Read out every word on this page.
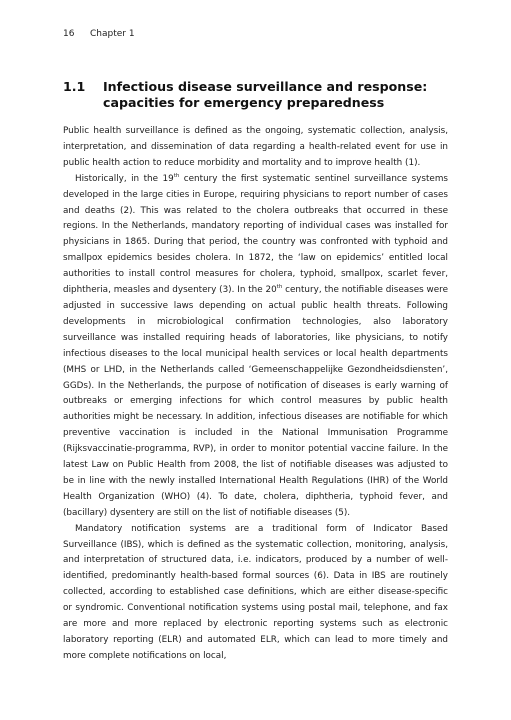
16 Chapter 1
1.1 Infectious disease surveillance and response: capacities for emergency preparedness

Public health surveillance is defined as the ongoing, systematic collection, analysis, interpretation, and dissemination of data regarding a health-related event for use in public health action to reduce morbidity and mortality and to improve health (1).

Historically, in the 19th century the first systematic sentinel surveillance systems developed in the large cities in Europe, requiring physicians to report number of cases and deaths (2). This was related to the cholera outbreaks that occurred in these regions. In the Netherlands, mandatory reporting of individual cases was installed for physicians in 1865. During that period, the country was confronted with typhoid and smallpox epidemics besides cholera. In 1872, the ‘law on epidemics’ entitled local authorities to install control measures for cholera, typhoid, smallpox, scarlet fever, diphtheria, measles and dysentery (3). In the 20th century, the notifiable diseases were adjusted in successive laws depending on actual public health threats. Following developments in microbiological confirmation technologies, also laboratory surveillance was installed requiring heads of laboratories, like physicians, to notify infectious diseases to the local municipal health services or local health departments (MHS or LHD, in the Netherlands called ‘Gemeenschappelijke Gezondheidsdiensten’, GGDs). In the Netherlands, the purpose of notification of diseases is early warning of outbreaks or emerging infections for which control measures by public health authorities might be necessary. In addition, infectious diseases are notifiable for which preventive vaccination is included in the National Immunisation Programme (Rijksvaccinatie-programma, RVP), in order to monitor potential vaccine failure. In the latest Law on Public Health from 2008, the list of notifiable diseases was adjusted to be in line with the newly installed International Health Regulations (IHR) of the World Health Organization (WHO) (4). To date, cholera, diphtheria, typhoid fever, and (bacillary) dysentery are still on the list of notifiable diseases (5).

Mandatory notification systems are a traditional form of Indicator Based Surveillance (IBS), which is defined as the systematic collection, monitoring, analysis, and interpretation of structured data, i.e. indicators, produced by a number of well-identified, predominantly health-based formal sources (6). Data in IBS are routinely collected, according to established case definitions, which are either disease-specific or syndromic. Conventional notification systems using postal mail, telephone, and fax are more and more replaced by electronic reporting systems such as electronic laboratory reporting (ELR) and automated ELR, which can lead to more timely and more complete notifications on local,
